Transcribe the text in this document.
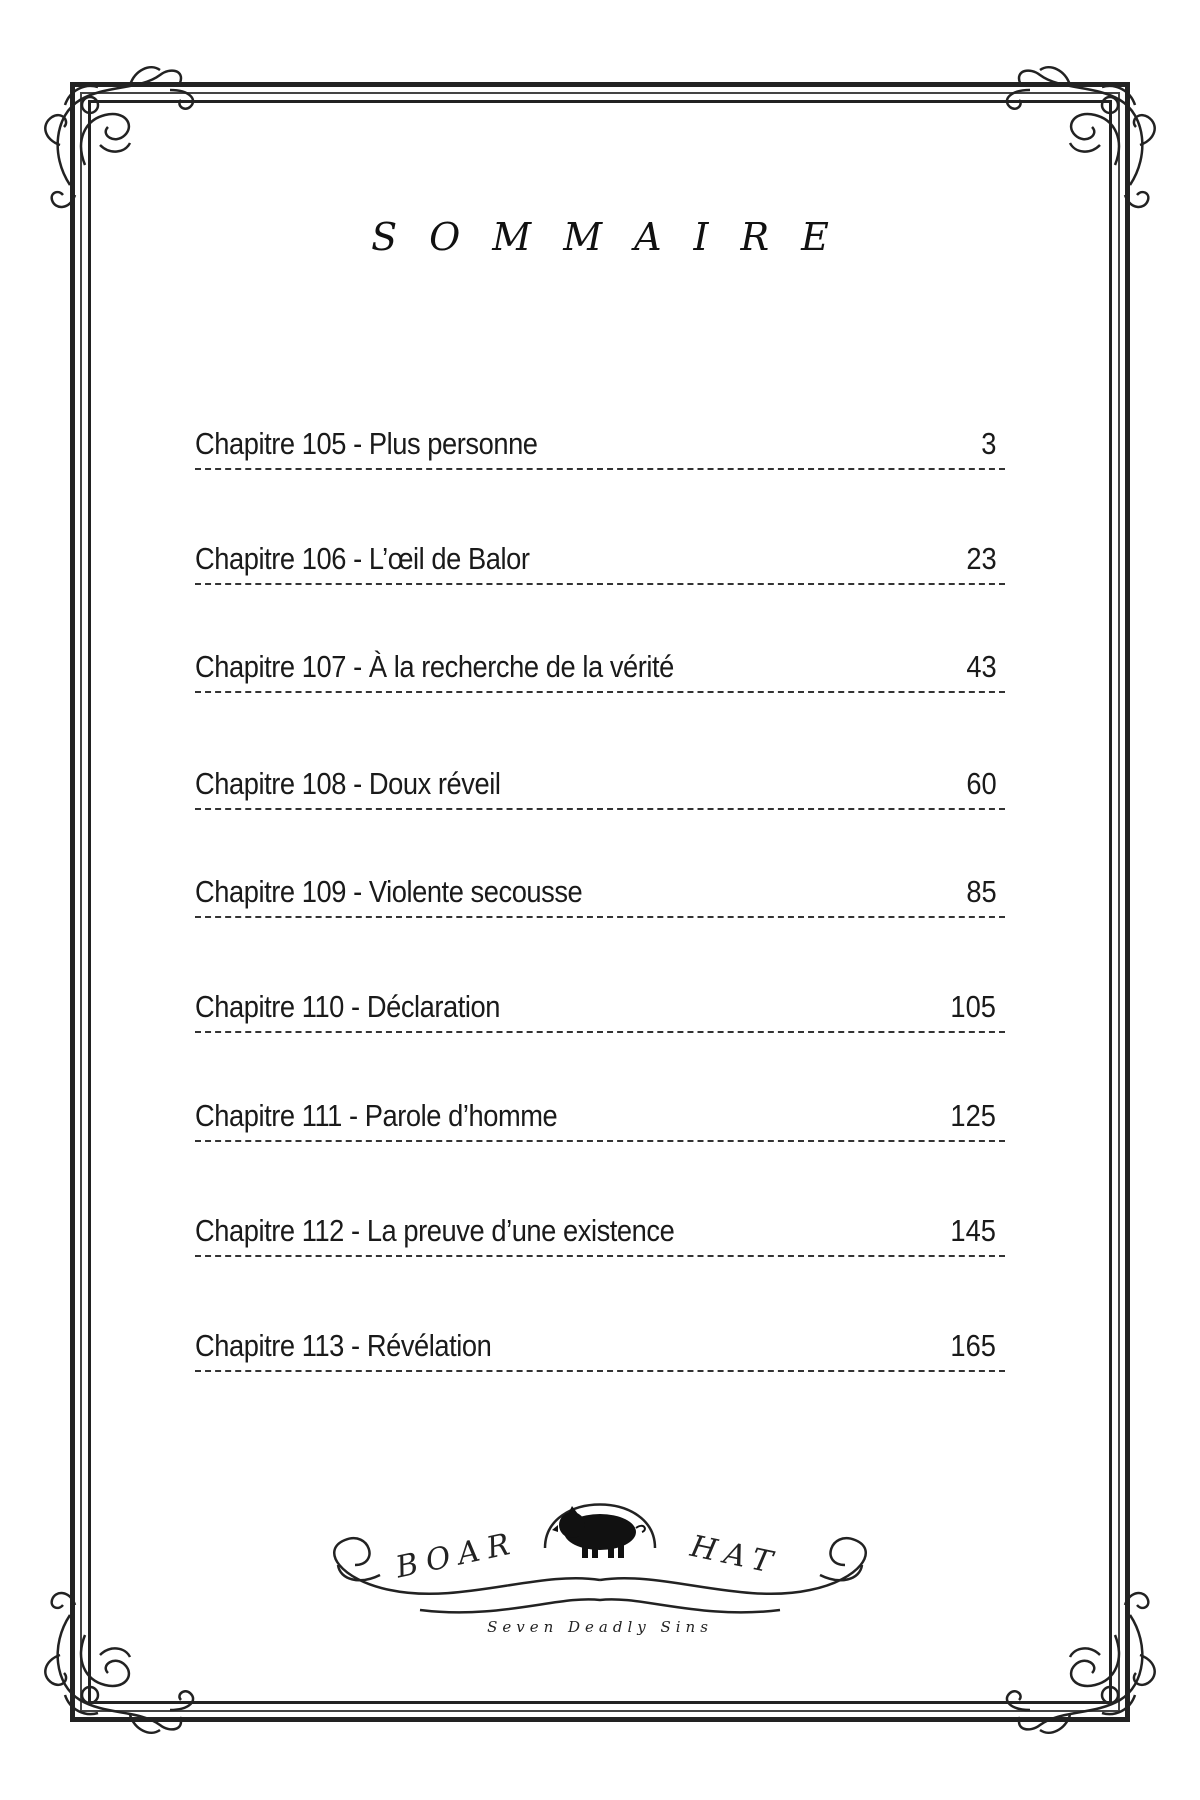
SOMMAIRE
Chapitre 105 - Plus personne	3
Chapitre 106 - L’œil de Balor	23
Chapitre 107 - À la recherche de la vérité	43
Chapitre 108 - Doux réveil	60
Chapitre 109 - Violente secousse	85
Chapitre 110 - Déclaration	105
Chapitre 111 - Parole d’homme	125
Chapitre 112 - La preuve d’une existence	145
Chapitre 113 - Révélation	165
BOAR	HAT
Seven Deadly Sins
